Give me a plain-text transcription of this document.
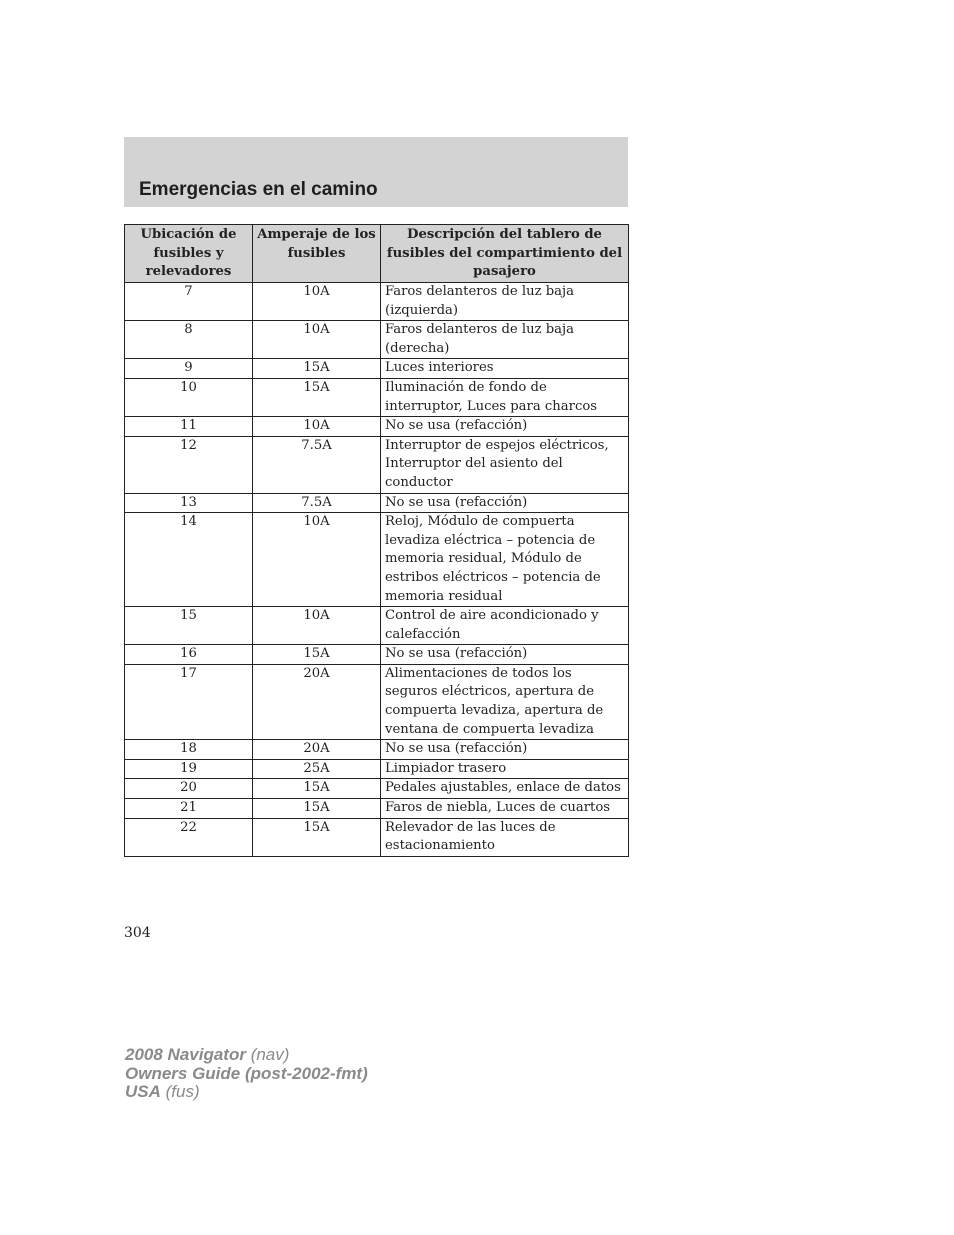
Emergencias en el camino
Ubicación de fusibles y relevadores	Amperaje de los fusibles	Descripción del tablero de fusibles del compartimiento del pasajero
7	10A	Faros delanteros de luz baja (izquierda)
8	10A	Faros delanteros de luz baja (derecha)
9	15A	Luces interiores
10	15A	Iluminación de fondo de interruptor, Luces para charcos
11	10A	No se usa (refacción)
12	7.5A	Interruptor de espejos eléctricos, Interruptor del asiento del conductor
13	7.5A	No se usa (refacción)
14	10A	Reloj, Módulo de compuerta levadiza eléctrica – potencia de memoria residual, Módulo de estribos eléctricos – potencia de memoria residual
15	10A	Control de aire acondicionado y calefacción
16	15A	No se usa (refacción)
17	20A	Alimentaciones de todos los seguros eléctricos, apertura de compuerta levadiza, apertura de ventana de compuerta levadiza
18	20A	No se usa (refacción)
19	25A	Limpiador trasero
20	15A	Pedales ajustables, enlace de datos
21	15A	Faros de niebla, Luces de cuartos
22	15A	Relevador de las luces de estacionamiento
304
2008 Navigator (nav)
Owners Guide (post-2002-fmt)
USA (fus)
